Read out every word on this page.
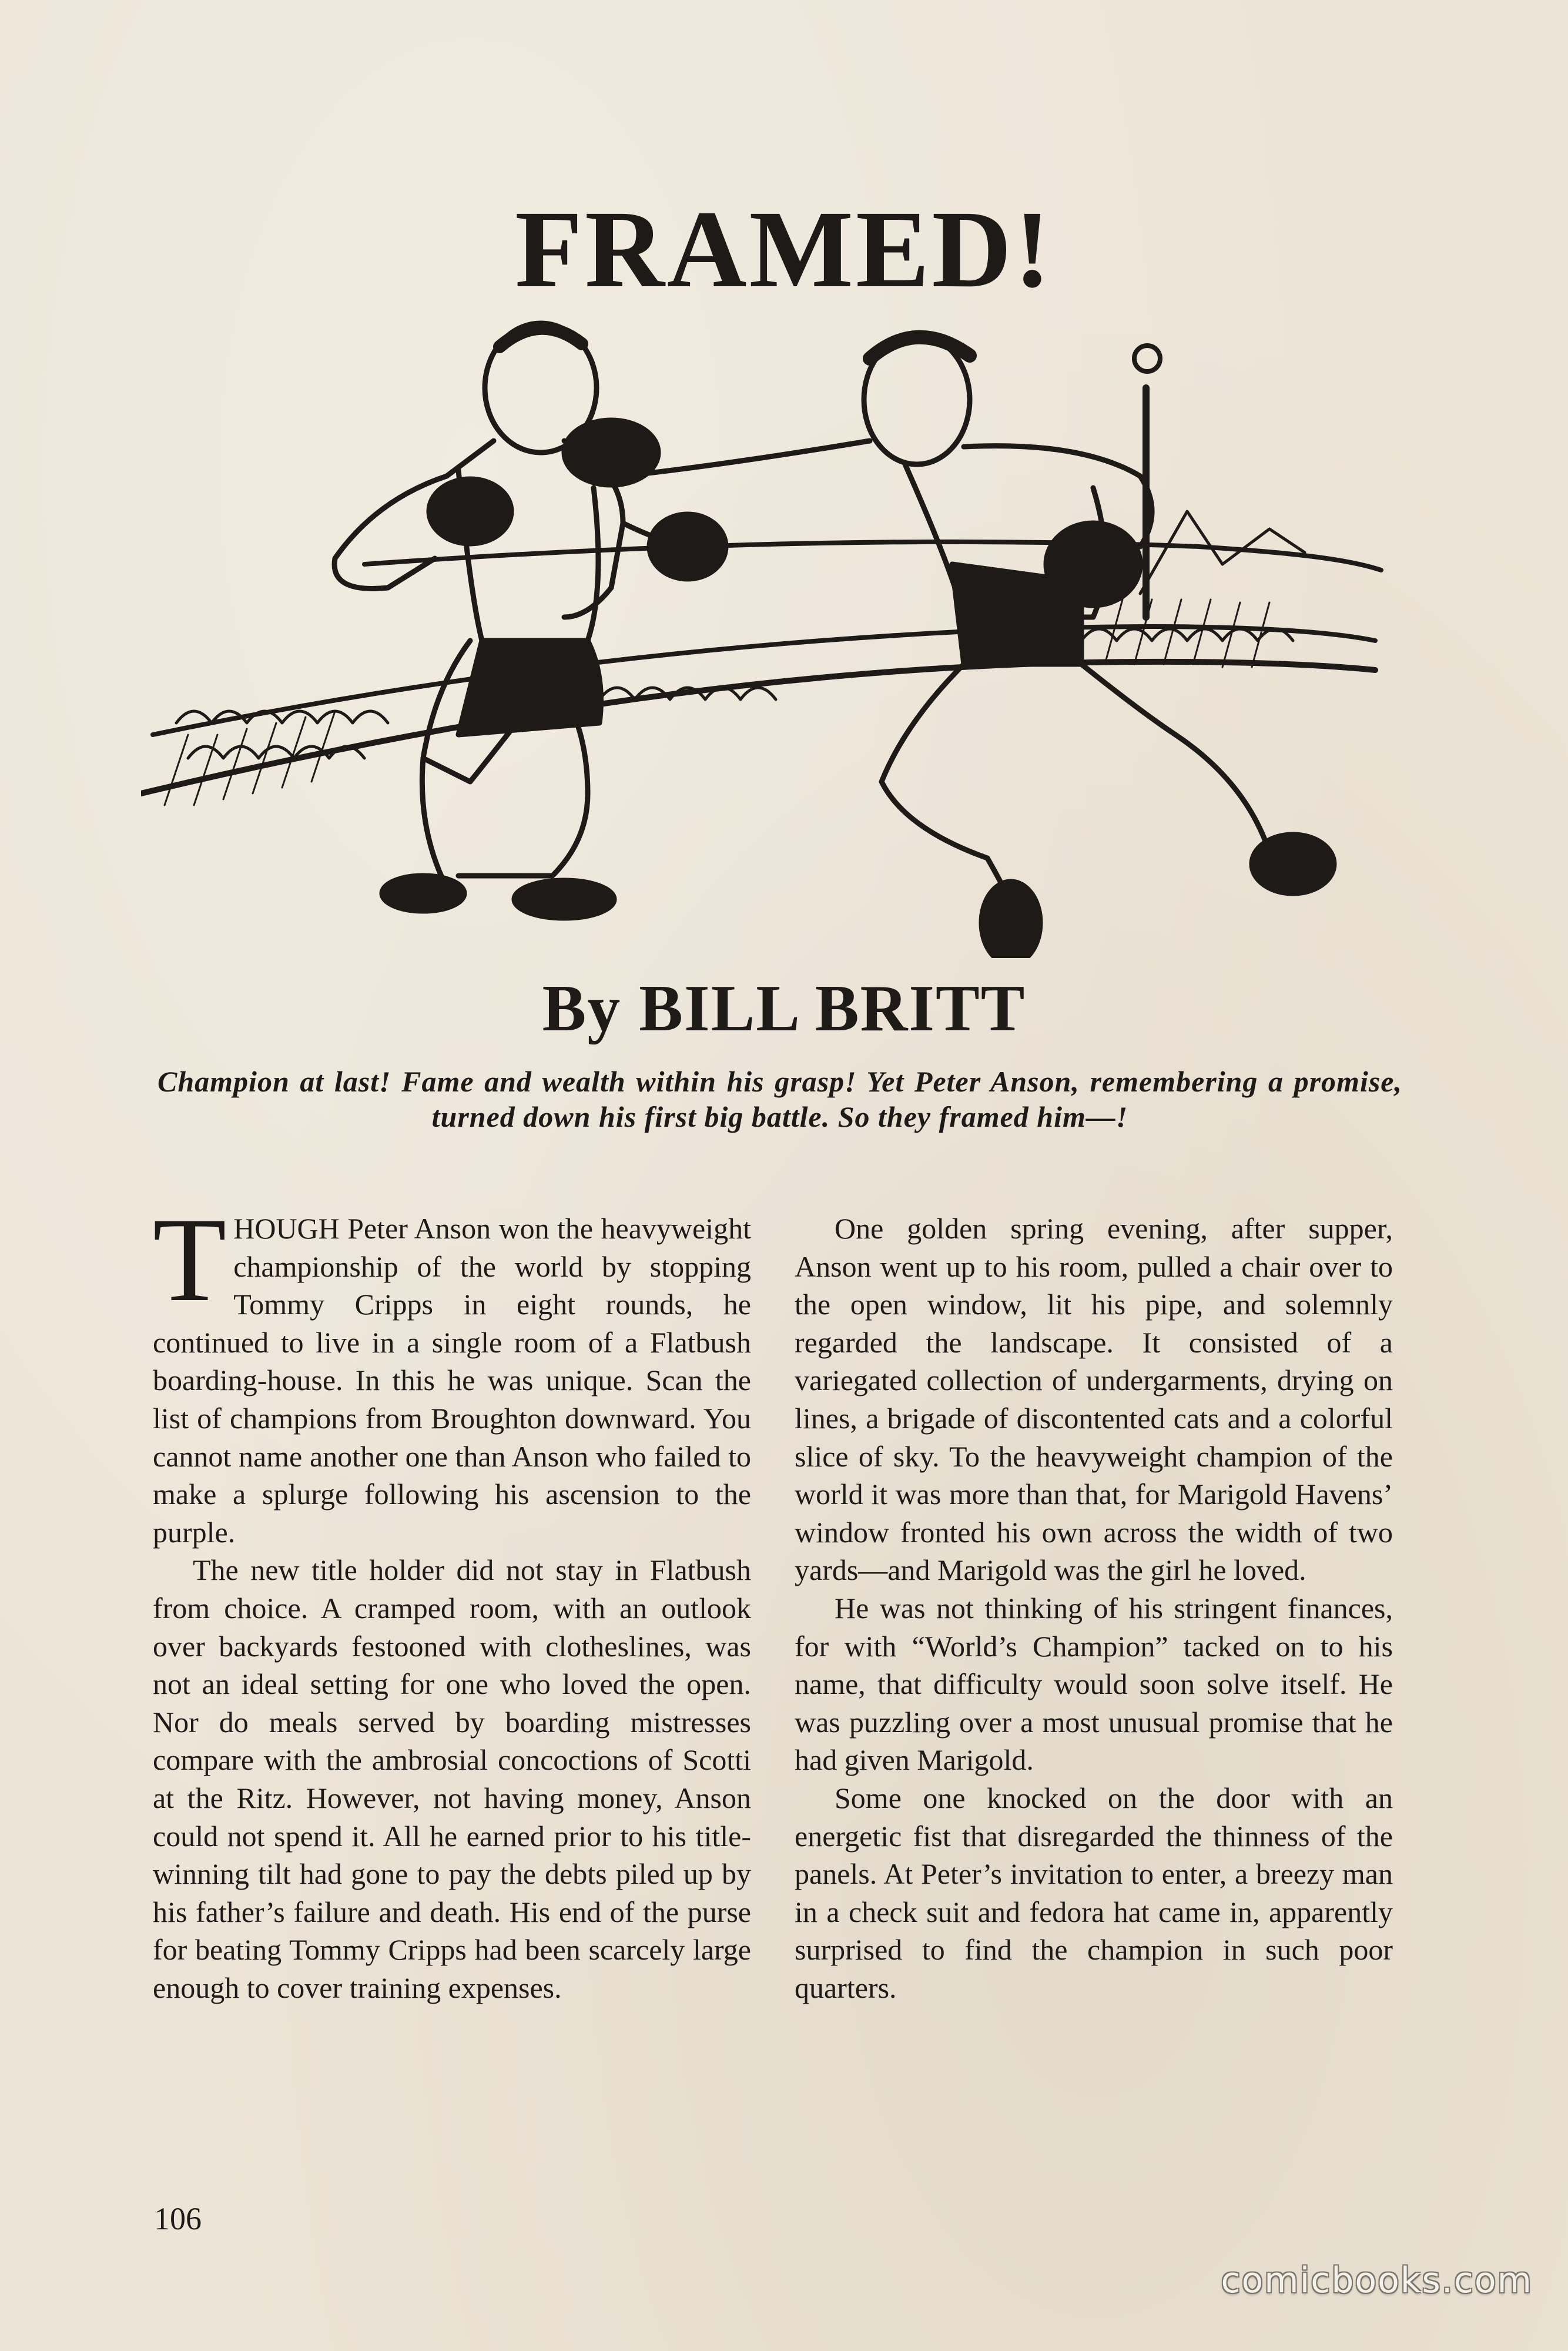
FRAMED!
By BILL BRITT

Champion at last! Fame and wealth within his grasp! Yet Peter Anson, remembering a promise, turned down his first big battle. So they framed him—!

THOUGH Peter Anson won the heavyweight championship of the world by stopping Tommy Cripps in eight rounds, he continued to live in a single room of a Flatbush boarding-house. In this he was unique. Scan the list of champions from Broughton downward. You cannot name another one than Anson who failed to make a splurge following his ascension to the purple.

The new title holder did not stay in Flatbush from choice. A cramped room, with an outlook over backyards festooned with clotheslines, was not an ideal setting for one who loved the open. Nor do meals served by boarding mistresses compare with the ambrosial concoctions of Scotti at the Ritz. However, not having money, Anson could not spend it. All he earned prior to his title-winning tilt had gone to pay the debts piled up by his father’s failure and death. His end of the purse for beating Tommy Cripps had been scarcely large enough to cover training expenses.

One golden spring evening, after supper, Anson went up to his room, pulled a chair over to the open window, lit his pipe, and solemnly regarded the landscape. It consisted of a variegated collection of undergarments, drying on lines, a brigade of discontented cats and a colorful slice of sky. To the heavyweight champion of the world it was more than that, for Marigold Havens’ window fronted his own across the width of two yards—and Marigold was the girl he loved.

He was not thinking of his stringent finances, for with “World’s Champion” tacked on to his name, that difficulty would soon solve itself. He was puzzling over a most unusual promise that he had given Marigold.

Some one knocked on the door with an energetic fist that disregarded the thinness of the panels. At Peter’s invitation to enter, a breezy man in a check suit and fedora hat came in, apparently surprised to find the champion in such poor quarters.

106
comicbooks.com
